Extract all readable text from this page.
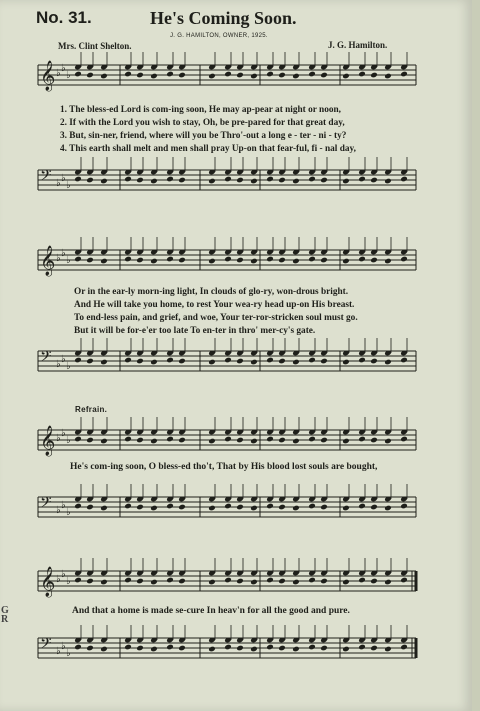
No. 31.	He's Coming Soon.
J. G. HAMILTON, OWNER, 1925.
Mrs. Clint Shelton.	J. G. Hamilton.
𝄞 ♭ ♭
♭
1. The bless-ed Lord is com-ing soon, He may ap-pear at night or noon,
2. If with the Lord you wish to stay, Oh, be pre-pared for that great day,
3. But, sin-ner, friend, where will you be Thro'-out a long e - ter - ni - ty?
4. This earth shall melt and men shall pray Up-on that fear-ful, fi - nal day,
𝄢 ♭ ♭
♭
𝄞 ♭ ♭
♭
Or in the ear-ly morn-ing light, In clouds of glo-ry, won-drous bright.
And He will take you home, to rest Your wea-ry head up-on His breast.
To end-less pain, and grief, and woe, Your ter-ror-stricken soul must go.
But it will be for-e'er too late To en-ter in thro' mer-cy's gate.
𝄢 ♭ ♭
♭
Refrain.
𝄞 ♭ ♭
♭
He's com-ing soon, O bless-ed tho't, That by His blood lost souls are bought,
𝄢 ♭ ♭
♭
𝄞 ♭ ♭
♭
And that a home is made se-cure In heav'n for all the good and pure.
𝄢 ♭ ♭
♭
G
R
